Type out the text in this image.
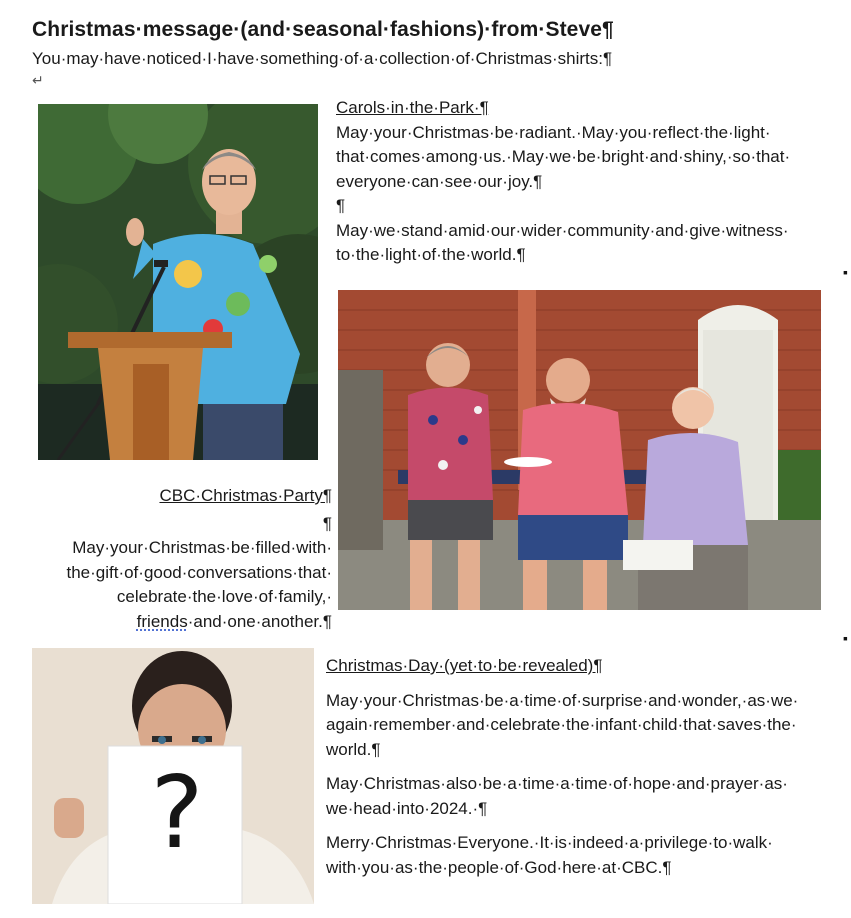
Christmas·message·(and·seasonal·fashions)·from·Steve¶
You·may·have·noticed·I·have·something·of·a·collection·of·Christmas·shirts:¶
↵

Carols·in·the·Park·¶

May·your·Christmas·be·radiant.·May·you·reflect·the·light·

that·comes·among·us.·May·we·be·bright·and·shiny,·so·that·

everyone·can·see·our·joy.¶

¶

May·we·stand·amid·our·wider·community·and·give·witness·

to·the·light·of·the·world.¶

▪
▪

CBC·Christmas·Party¶

¶

May·your·Christmas·be·filled·with·

the·gift·of·good·conversations·that·

celebrate·the·love·of·family,·

friends·and·one·another.¶

?

Christmas·Day·(yet·to·be·revealed)¶

May·your·Christmas·be·a·time·of·surprise·and·wonder,·as·we·

again·remember·and·celebrate·the·infant·child·that·saves·the·

world.¶

May·Christmas·also·be·a·time·a·time·of·hope·and·prayer·as·

we·head·into·2024.·¶

Merry·Christmas·Everyone.·It·is·indeed·a·privilege·to·walk·

with·you·as·the·people·of·God·here·at·CBC.¶
